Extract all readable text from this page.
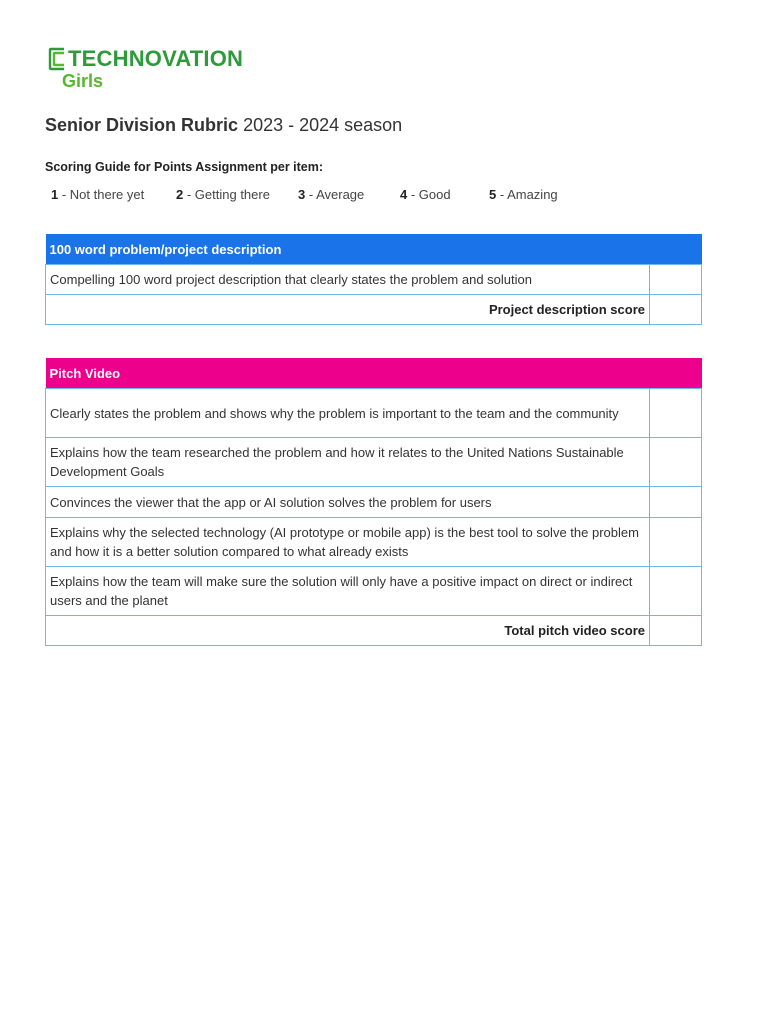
TECHNOVATION
Girls
Senior Division Rubric 2023 - 2024 season
Scoring Guide for Points Assignment per item:
1 - Not there yet 2 - Getting there 3 - Average	4 - Good	5 - Amazing
100 word problem/project description	
Compelling 100 word project description that clearly states the problem and solution	
Project description score	
Pitch Video	
Clearly states the problem and shows why the problem is important to the team and the community	
Explains how the team researched the problem and how it relates to the United Nations Sustainable Development Goals	
Convinces the viewer that the app or AI solution solves the problem for users	
Explains why the selected technology (AI prototype or mobile app) is the best tool to solve the problem and how it is a better solution compared to what already exists	
Explains how the team will make sure the solution will only have a positive impact on direct or indirect users and the planet	
Total pitch video score	
